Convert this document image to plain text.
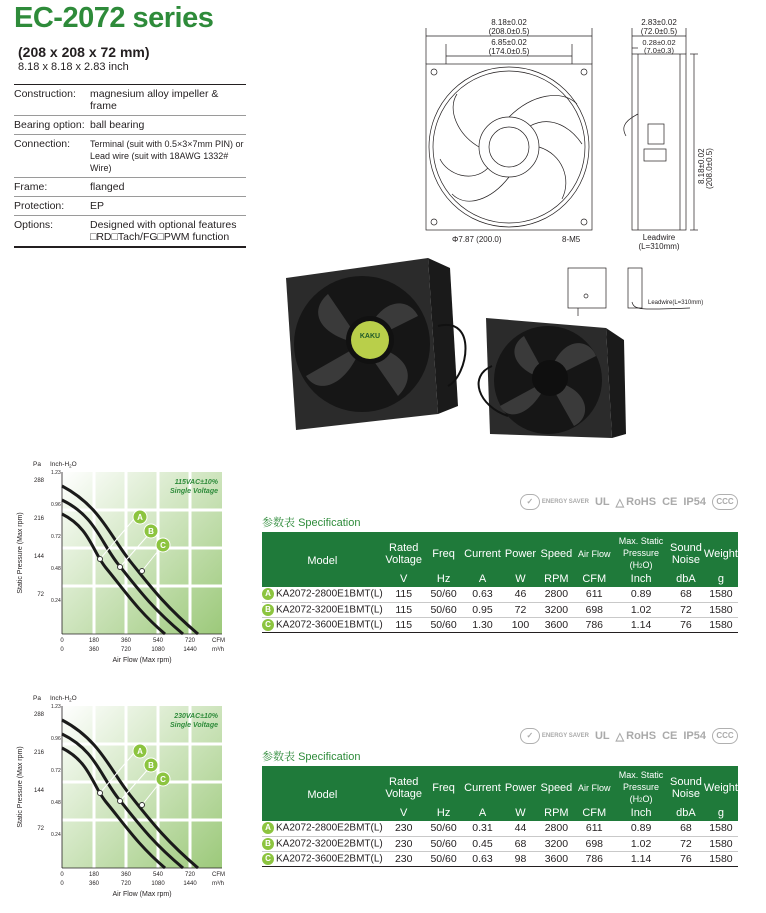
EC-2072 series
(208 x 208 x 72 mm)
8.18 x 8.18 x 2.83 inch
Construction:	magnesium alloy impeller & frame
Bearing option: ball bearing
Connection:	Terminal (suit with 0.5×3×7mm PIN) or
Lead wire (suit with 18AWG 1332# Wire)
Frame:	flanged
Protection:	EP
Options:	Designed with optional features
□RD□Tach/FG□PWM function
8.18±0.02
(208.0±0.5)
6.85±0.02
(174.0±0.5)
2.83±0.02
(72.0±0.5)
0.28±0.02
(7.0±0.3)
8.18±0.02 (208.0±0.5)
Φ7.87 (200.0)	8-M5	Leadwire
(L=310mm)
Leadwire(L=310mm)
KAKU
A
B
C
115VAC±10%
Single Voltage
Pa Inch-$H_2O$
288
216
144
72
1.23
0.96
0.72
0.48
0.24
Static Pressure (Max rpm)
0	180	360	540	720	CFM
0	360	720	1080	1440	m³/h
Air Flow (Max rpm)
A
B
C
230VAC±10%
Single Voltage
Pa Inch-$H_2O$
288
216
144
72
1.23
0.96
0.72
0.48
0.24
Static Pressure (Max rpm)
0	180	360	540	720	CFM
0	360	720	1080	1440	m³/h
Air Flow (Max rpm)
✓	ENERGY SAVER UL △ RoHS CE IP54	CCC
参数表 Specification
Model	Rated Voltage	Freq	Current	Power	Speed	Air Flow	Max. Static Pressure (H2O)	Sound Noise	Weight
	V	Hz	A	W	RPM	CFM	Inch	dbA	g
A KA2072-2800E1BMT(L)	115	50/60	0.63	46	2800	611	0.89	68	1580
B KA2072-3200E1BMT(L)	115	50/60	0.95	72	3200	698	1.02	72	1580
C KA2072-3600E1BMT(L)	115	50/60	1.30	100	3600	786	1.14	76	1580
✓	ENERGY SAVER UL △ RoHS CE IP54	CCC
参数表 Specification
Model	Rated Voltage	Freq	Current	Power	Speed	Air Flow	Max. Static Pressure (H2O)	Sound Noise	Weight
	V	Hz	A	W	RPM	CFM	Inch	dbA	g
A KA2072-2800E2BMT(L)	230	50/60	0.31	44	2800	611	0.89	68	1580
B KA2072-3200E2BMT(L)	230	50/60	0.45	68	3200	698	1.02	72	1580
C KA2072-3600E2BMT(L)	230	50/60	0.63	98	3600	786	1.14	76	1580
